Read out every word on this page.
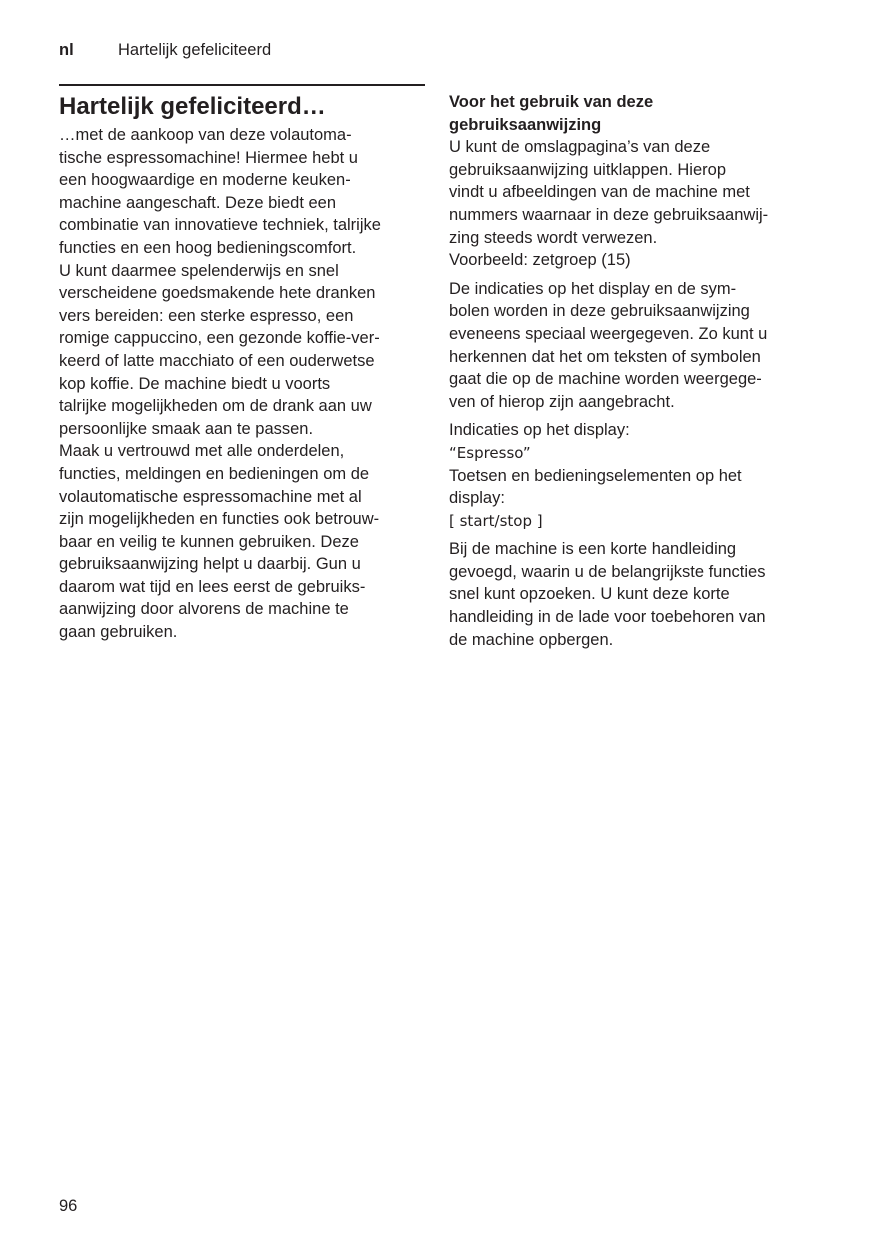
nl	Hartelijk gefeliciteerd
Hartelijk gefeliciteerd…

…met de aankoop van deze volautoma-
tische espressomachine! Hiermee hebt u
een hoogwaardige en moderne keuken-
machine aangeschaft. Deze biedt een
combinatie van innovatieve techniek, talrijke
functies en een hoog bedieningscomfort.
U kunt daarmee spelenderwijs en snel
verscheidene goedsmakende hete dranken
vers bereiden: een sterke espresso, een
romige cappuccino, een gezonde koffie-ver-
keerd of latte macchiato of een ouderwetse
kop koffie. De machine biedt u voorts
talrijke mogelijkheden om de drank aan uw
persoonlijke smaak aan te passen.
Maak u vertrouwd met alle onderdelen,
functies, meldingen en bedieningen om de
volautomatische espressomachine met al
zijn mogelijkheden en functies ook betrouw-
baar en veilig te kunnen gebruiken. Deze
gebruiksaanwijzing helpt u daarbij. Gun u
daarom wat tijd en lees eerst de gebruiks-
aanwijzing door alvorens de machine te
gaan gebruiken.

Voor het gebruik van deze
gebruiksaanwijzing

U kunt de omslagpagina’s van deze
gebruiksaanwijzing uitklappen. Hierop
vindt u afbeeldingen van de machine met
nummers waarnaar in deze gebruiksaanwij-
zing steeds wordt verwezen.
Voorbeeld: zetgroep (15)

De indicaties op het display en de sym-
bolen worden in deze gebruiksaanwijzing
eveneens speciaal weergegeven. Zo kunt u
herkennen dat het om teksten of symbolen
gaat die op de machine worden weergege-
ven of hierop zijn aangebracht.

Indicaties op het display:

“Espresso”

Toetsen en bedieningselementen op het
display:

[ start/stop ]

Bij de machine is een korte handleiding
gevoegd, waarin u de belangrijkste functies
snel kunt opzoeken. U kunt deze korte
handleiding in de lade voor toebehoren van
de machine opbergen.

96
